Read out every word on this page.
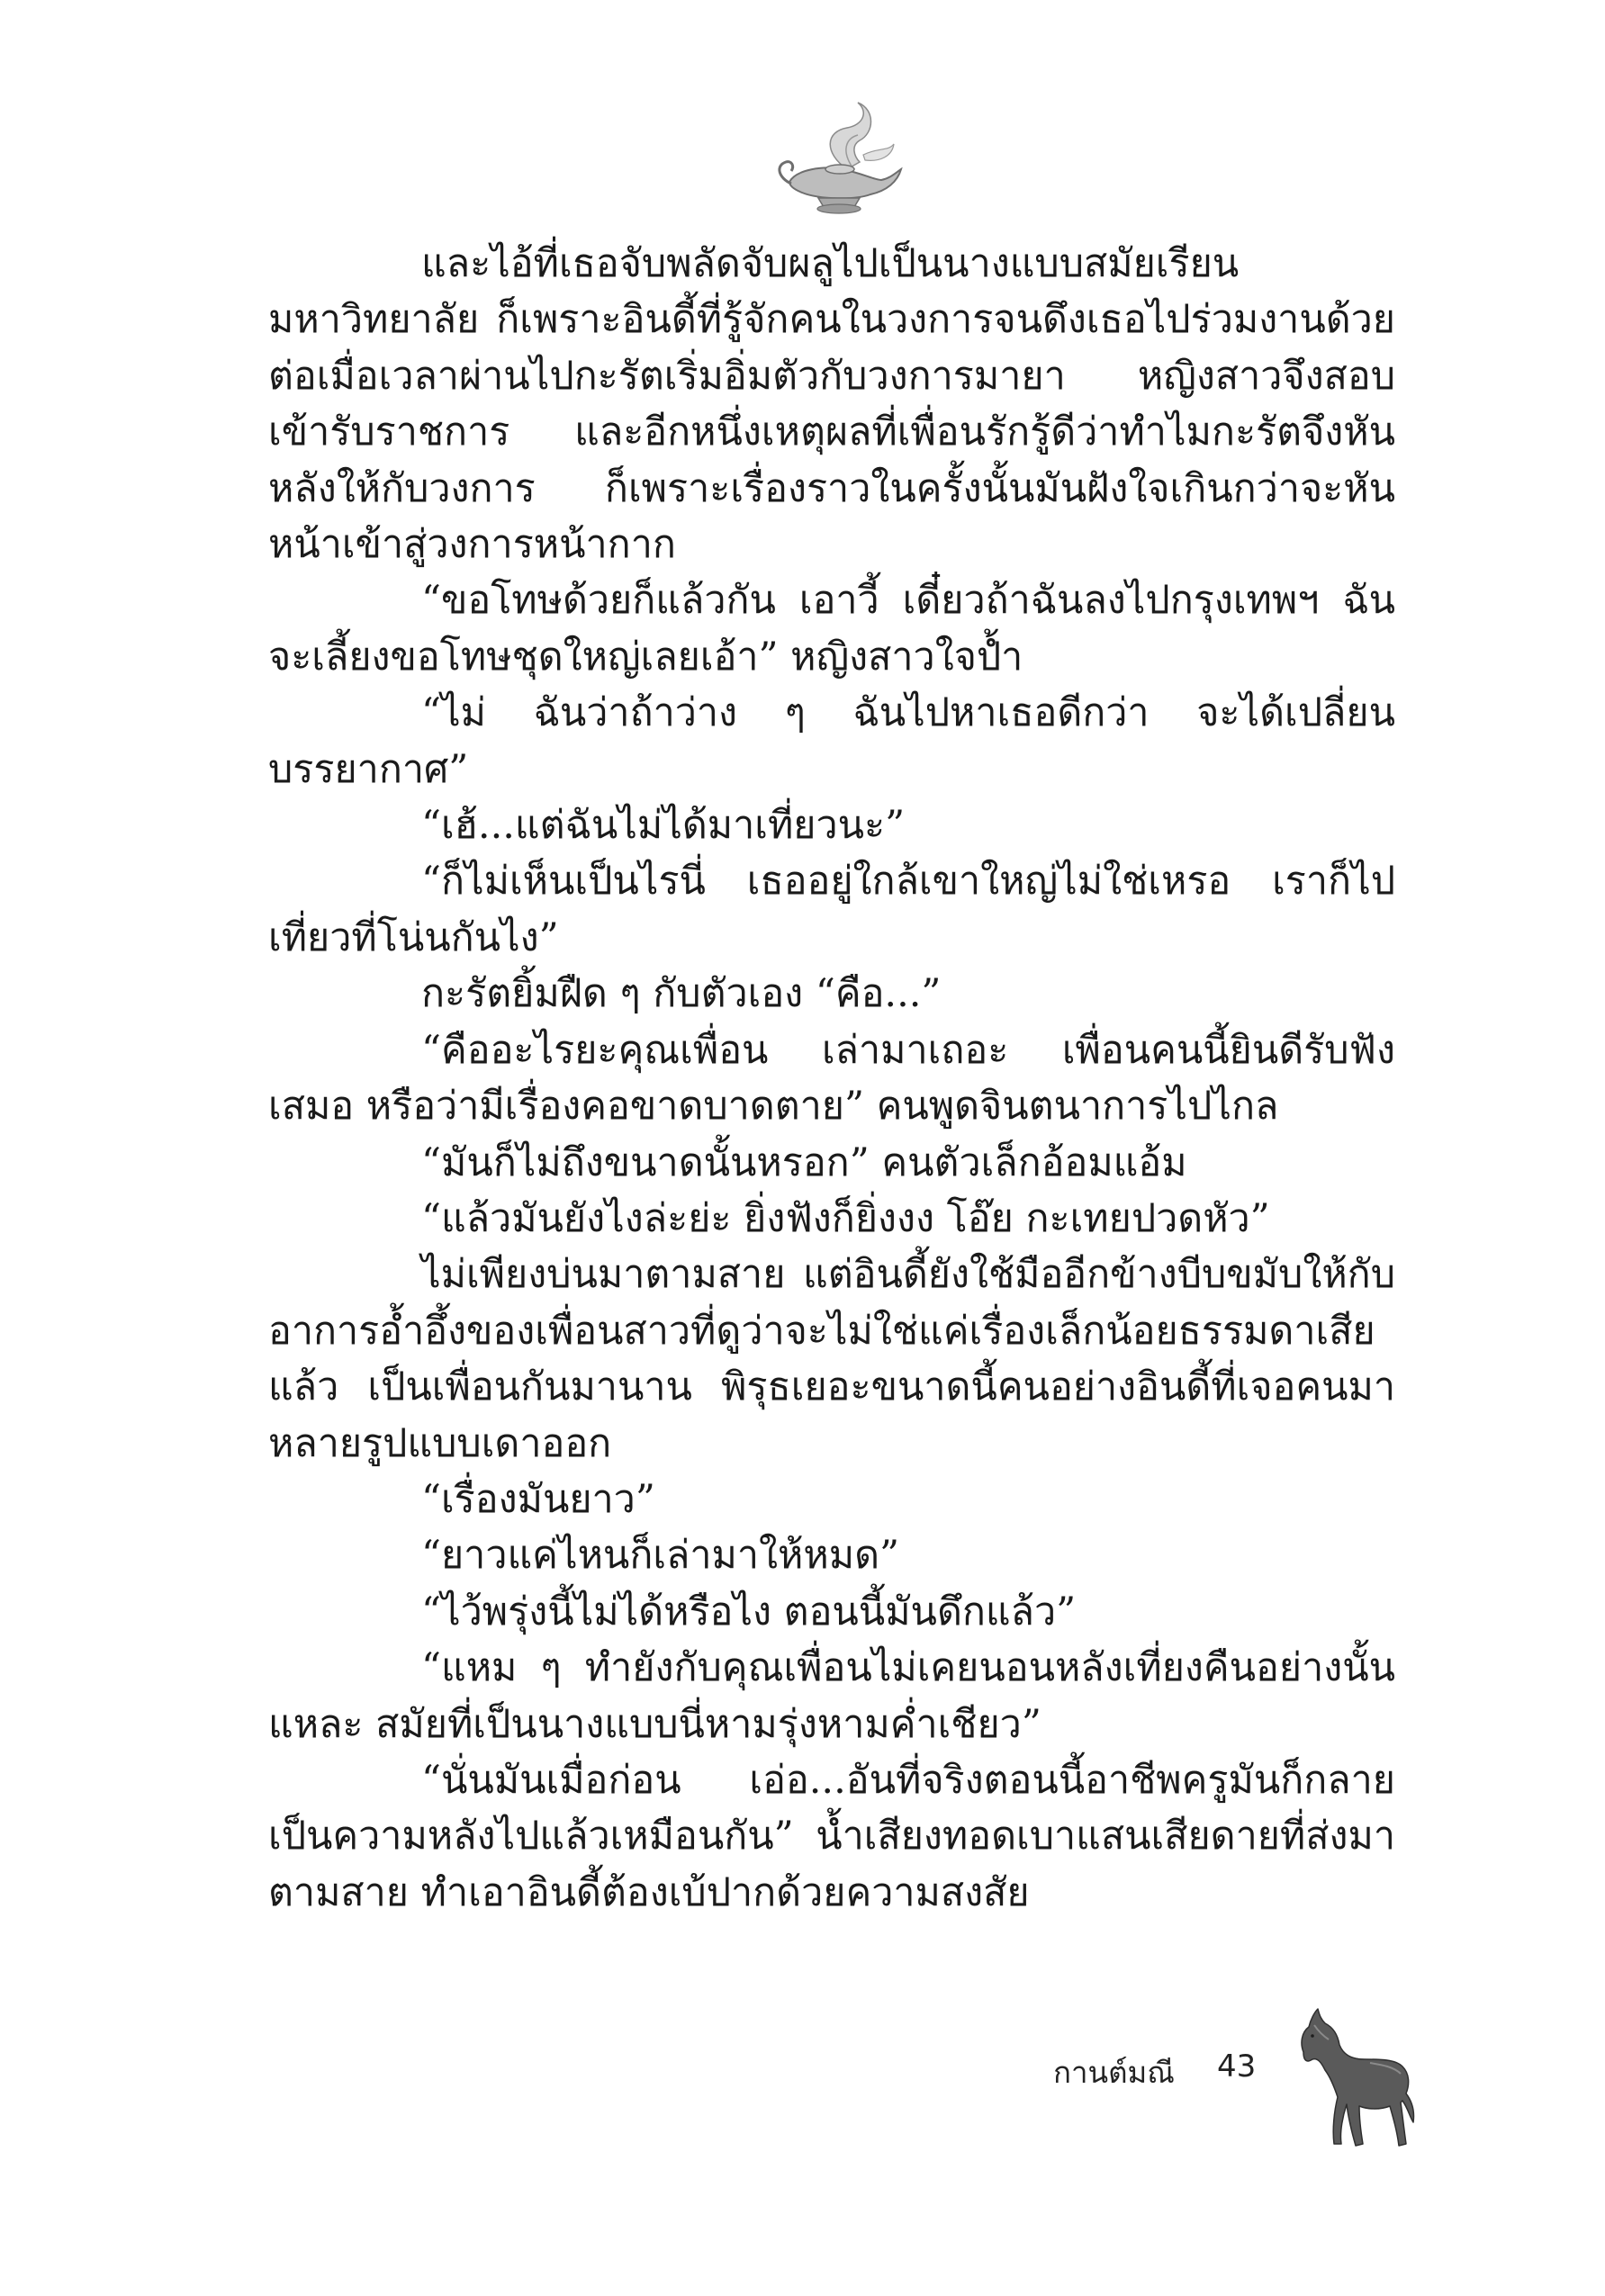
และไอ้ที่เธอจับพลัดจับผลูไปเป็นนางแบบสมัยเรียนมหาวิทยาลัย ก็เพราะอินดี้ที่รู้จักคนในวงการจนดึงเธอไปร่วมงานด้วย ต่อเมื่อเวลาผ่านไปกะรัตเริ่มอิ่มตัวกับวงการมายา หญิงสาวจึงสอบเข้ารับราชการ และอีกหนึ่งเหตุผลที่เพื่อนรักรู้ดีว่าทำไมกะรัตจึงหันหลังให้กับวงการ ก็เพราะเรื่องราวในครั้งนั้นมันฝังใจเกินกว่าจะหันหน้าเข้าสู่วงการหน้ากาก

“ขอโทษด้วยก็แล้วกัน เอาวี้ เดี๋ยวถ้าฉันลงไปกรุงเทพฯ ฉันจะเลี้ยงขอโทษชุดใหญ่เลยเอ้า” หญิงสาวใจป้ำ

“ไม่ ฉันว่าถ้าว่าง ๆ ฉันไปหาเธอดีกว่า จะได้เปลี่ยนบรรยากาศ”

“เฮ้...แต่ฉันไม่ได้มาเที่ยวนะ”

“ก็ไม่เห็นเป็นไรนี่ เธออยู่ใกล้เขาใหญ่ไม่ใช่เหรอ เราก็ไปเที่ยวที่โน่นกันไง”

กะรัตยิ้มฝืด ๆ กับตัวเอง “คือ...”

“คืออะไรยะคุณเพื่อน เล่ามาเถอะ เพื่อนคนนี้ยินดีรับฟังเสมอ หรือว่ามีเรื่องคอขาดบาดตาย” คนพูดจินตนาการไปไกล

“มันก็ไม่ถึงขนาดนั้นหรอก” คนตัวเล็กอ้อมแอ้ม

“แล้วมันยังไงล่ะย่ะ ยิ่งฟังก็ยิ่งงง โอ๊ย กะเทยปวดหัว”

ไม่เพียงบ่นมาตามสาย แต่อินดี้ยังใช้มืออีกข้างบีบขมับให้กับอาการอ้ำอึ้งของเพื่อนสาวที่ดูว่าจะไม่ใช่แค่เรื่องเล็กน้อยธรรมดาเสียแล้ว เป็นเพื่อนกันมานาน พิรุธเยอะขนาดนี้คนอย่างอินดี้ที่เจอคนมาหลายรูปแบบเดาออก

“เรื่องมันยาว”

“ยาวแค่ไหนก็เล่ามาให้หมด”

“ไว้พรุ่งนี้ไม่ได้หรือไง ตอนนี้มันดึกแล้ว”

“แหม ๆ ทำยังกับคุณเพื่อนไม่เคยนอนหลังเที่ยงคืนอย่างนั้นแหละ สมัยที่เป็นนางแบบนี่หามรุ่งหามค่ำเชียว”

“นั่นมันเมื่อก่อน เอ่อ...อันที่จริงตอนนี้อาชีพครูมันก็กลายเป็นความหลังไปแล้วเหมือนกัน” น้ำเสียงทอดเบาแสนเสียดายที่ส่งมาตามสาย ทำเอาอินดี้ต้องเบ้ปากด้วยความสงสัย

กานต์มณี 43
